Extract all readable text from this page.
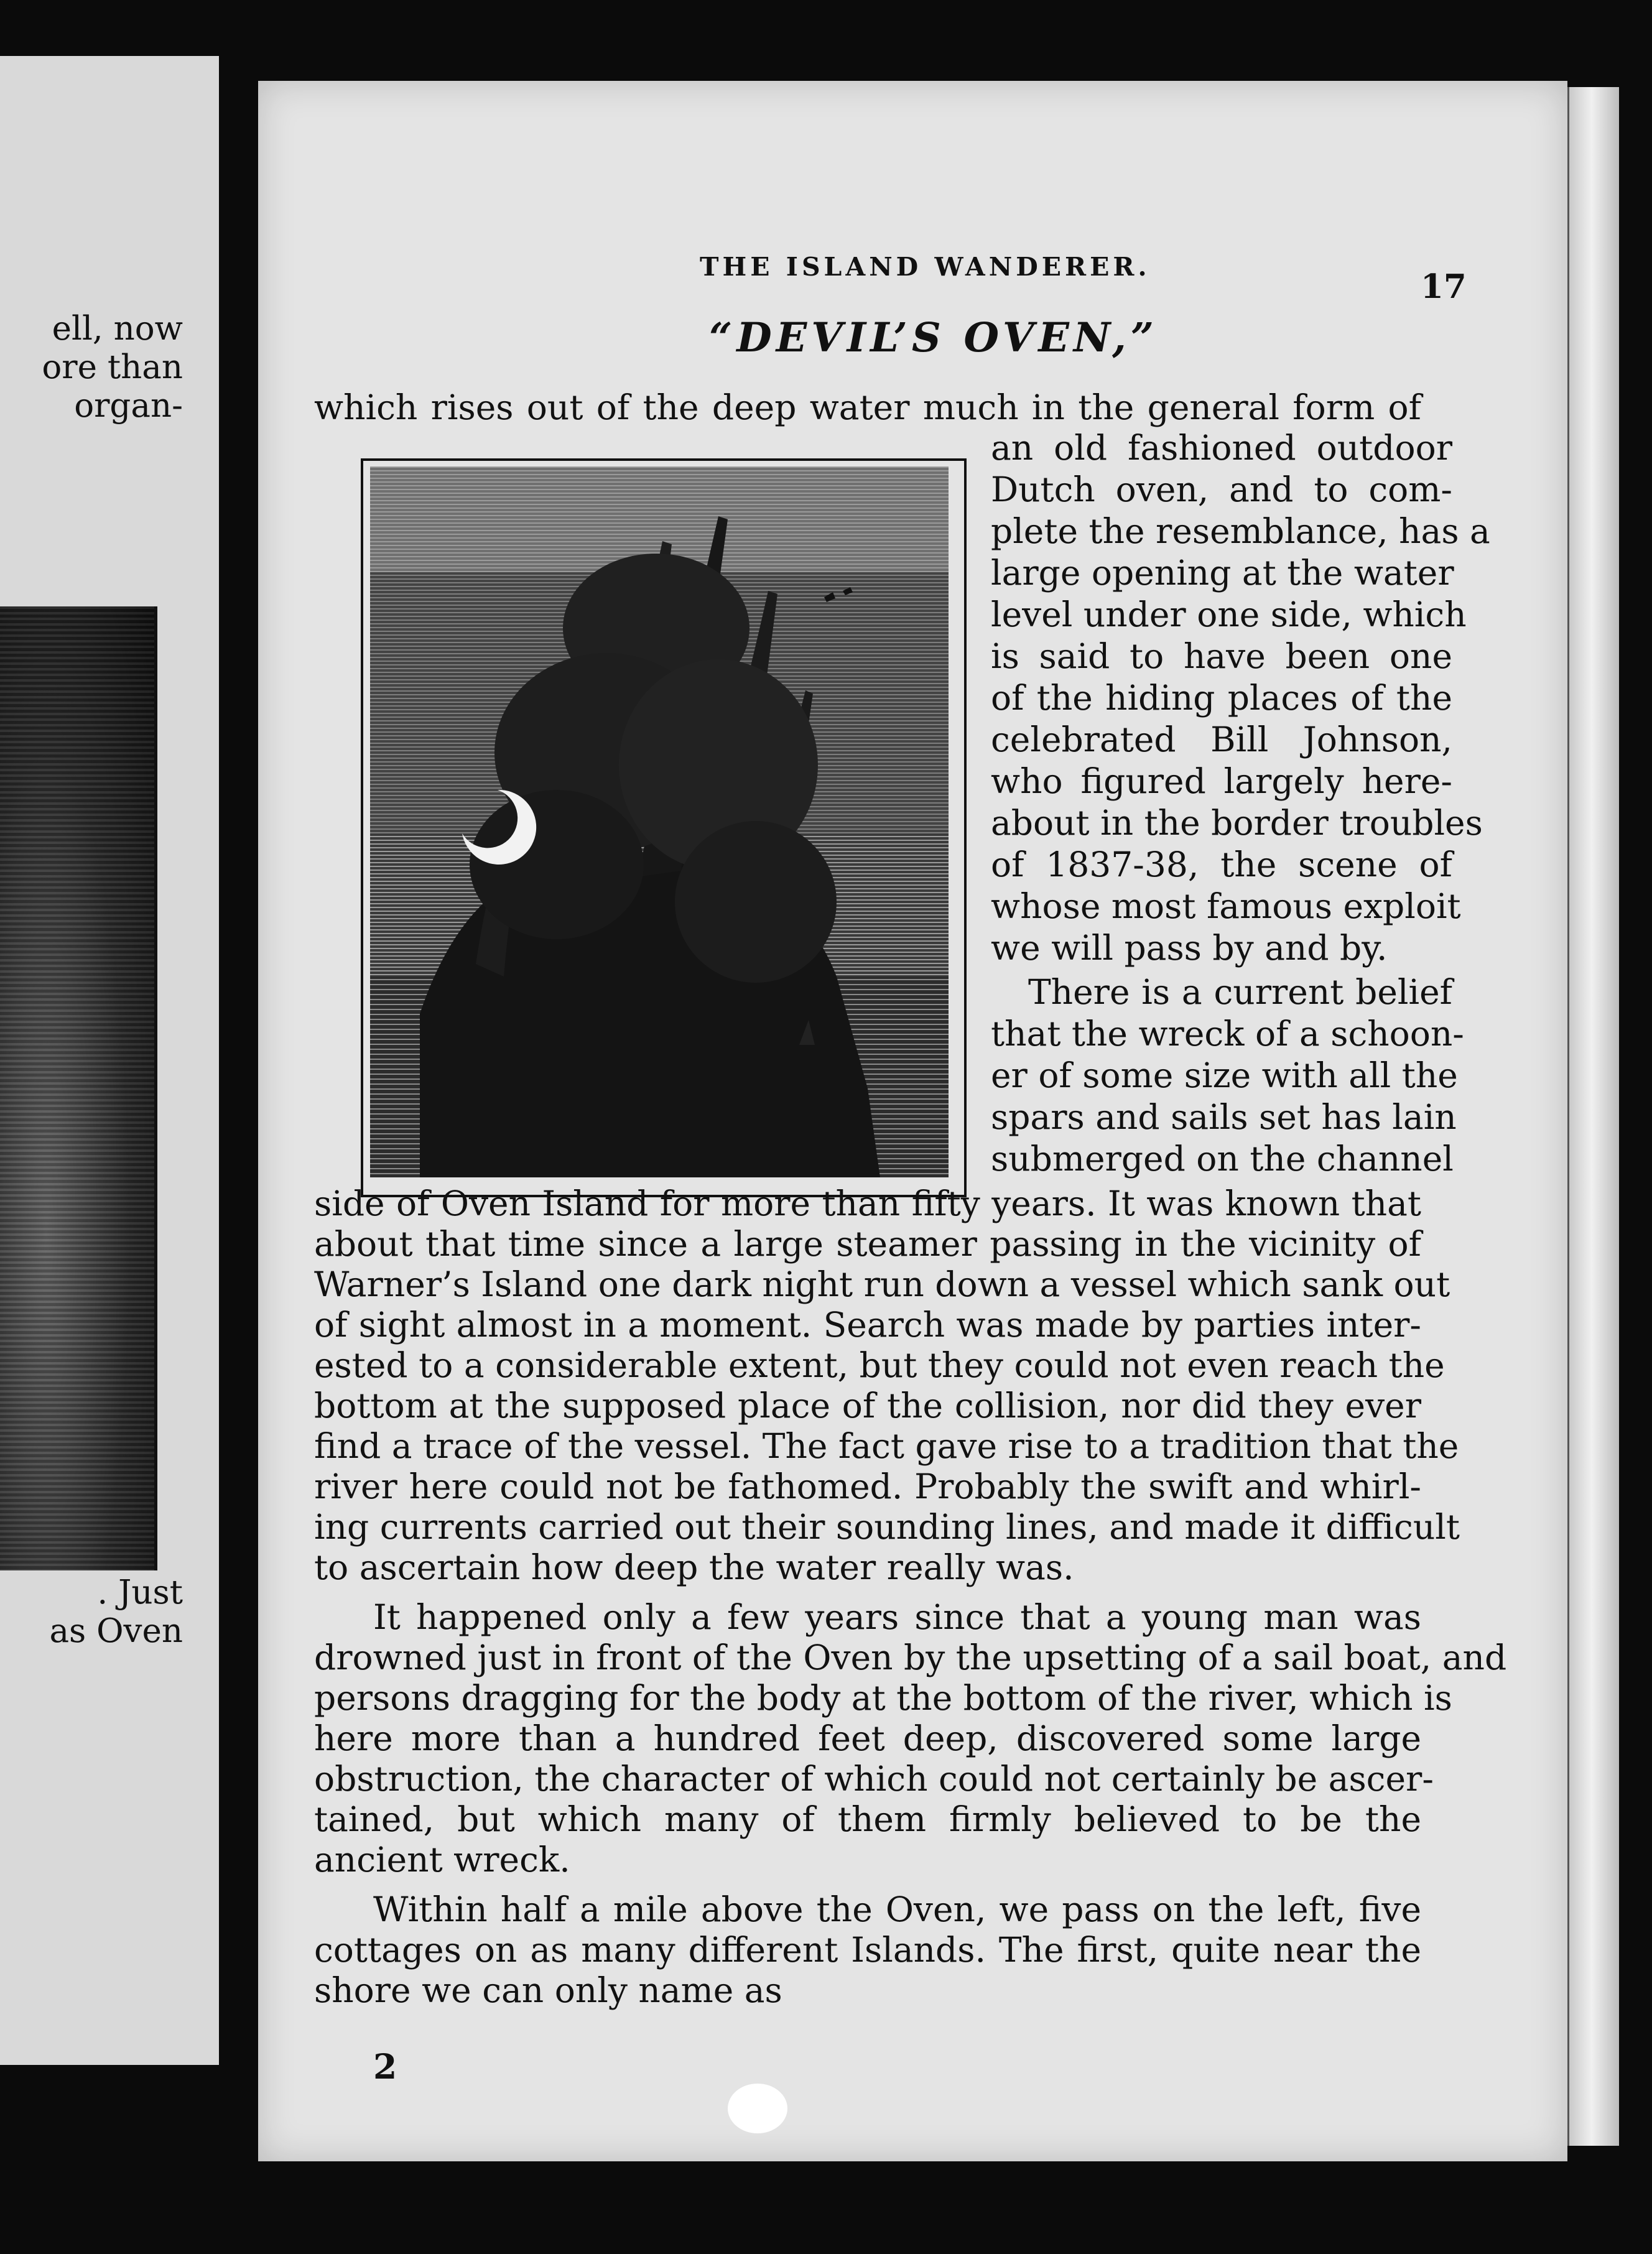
ell, now
ore than
organ-
. Just
as Oven
THE ISLAND WANDERER.
17
“DEVIL’S OVEN,”
which rises out of the deep water much in the general form of
an old fashioned outdoor
Dutch oven, and to com-
plete the resemblance, has a
large opening at the water
level under one side, which
is said to have been one
of the hiding places of the
celebrated Bill Johnson,
who figured largely here-
about in the border troubles
of 1837-38, the scene of
whose most famous exploit
we will pass by and by.
There is a current belief
that the wreck of a schoon-
er of some size with all the
spars and sails set has lain
submerged on the channel
side of Oven Island for more than fifty years. It was known that
about that time since a large steamer passing in the vicinity of
Warner’s Island one dark night run down a vessel which sank out
of sight almost in a moment. Search was made by parties inter-
ested to a considerable extent, but they could not even reach the
bottom at the supposed place of the collision, nor did they ever
find a trace of the vessel. The fact gave rise to a tradition that the
river here could not be fathomed. Probably the swift and whirl-
ing currents carried out their sounding lines, and made it difficult
to ascertain how deep the water really was.
It happened only a few years since that a young man was
drowned just in front of the Oven by the upsetting of a sail boat, and
persons dragging for the body at the bottom of the river, which is
here more than a hundred feet deep, discovered some large
obstruction, the character of which could not certainly be ascer-
tained, but which many of them firmly believed to be the
ancient wreck.
Within half a mile above the Oven, we pass on the left, five
cottages on as many different Islands. The first, quite near the
shore we can only name as
2
